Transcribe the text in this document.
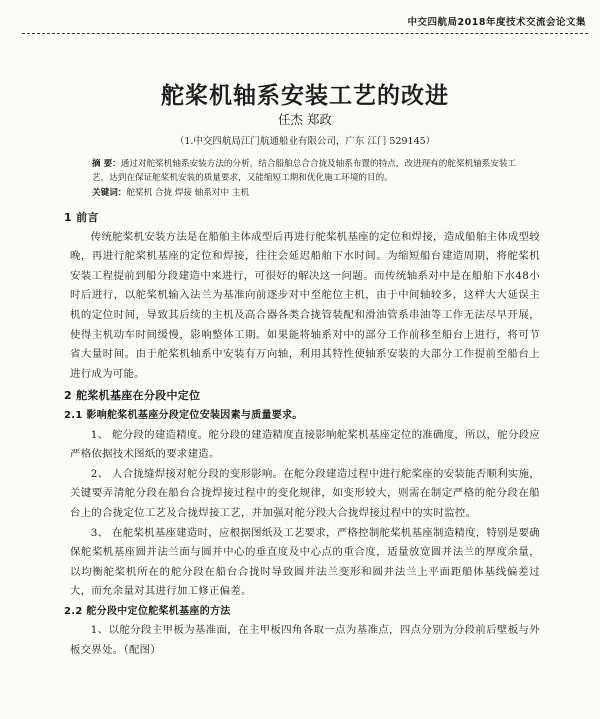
中交四航局2018年度技术交流会论文集
舵桨机轴系安装工艺的改进
任杰 郑政
（1.中交四航局江门航通船业有限公司，广东 江门 529145）
摘 要：通过对舵桨机轴系安装方法的分析，结合船舶总合合拢及轴系布置的特点，改进现有的舵桨机轴系安装工艺，达到在保证舵桨机安装的质量要求，又能缩短工期和优化施工环境的目的。
关键词：舵桨机 合拢 焊接 轴系对中 主机
1 前言

传统舵桨机安装方法是在船舶主体成型后再进行舵桨机基座的定位和焊接，造成船舶主体成型较晚，再进行舵桨机基座的定位和焊接，往往会延迟船舶下水时间。为缩短船台建造周期，将舵桨机安装工程提前到船分段建造中来进行，可很好的解决这一问题。而传统轴系对中是在船舶下水48小时后进行，以舵桨机输入法兰为基准向前逐步对中至舵位主机，由于中间轴较多，这样大大延误主机的定位时间，导致其后续的主机及高合器各类合拢管装配和滑油管系串油等工作无法尽早开展，使得主机动车时间缓慢，影响整体工期。如果能将轴系对中的部分工作前移至船台上进行，将可节省大量时间。由于舵桨机轴系中安装有万向轴，利用其特性使轴系安装的大部分工作提前至船台上进行成为可能。

2 舵桨机基座在分段中定位
2.1 影响舵桨机基座分段定位安装因素与质量要求。

1、 舵分段的建造精度。舵分段的建造精度直接影响舵桨机基座定位的准确度，所以，舵分段应严格依据技术图纸的要求建造。

2、 人合拢缝焊接对舵分段的变形影响。在舵分段建造过程中进行舵桨座的安装能否顺利实施，关键要弄清舵分段在船台合拢焊接过程中的变化规律，如变形较大，则需在制定严格的舵分段在船台上的合拢定位工艺及合拢焊接工艺，并加强对舵分段大合拢焊接过程中的实时监控。

3、 在舵桨机基座建造时，应根据图纸及工艺要求，严格控制舵桨机基座制造精度，特别是要确保舵桨机基座圆并法兰面与圆并中心的垂直度及中心点的重合度，适量放宽圆并法兰的厚度余量，以均衡舵桨机所在的舵分段在船台合拢时导致圆并法兰变形和圆并法兰上平面距船体基线偏差过大，而允余量对其进行加工修正偏差。

2.2 舵分段中定位舵桨机基座的方法

1、以舵分段主甲板为基准面，在主甲板四角各取一点为基准点，四点分别为分段前后壁板与外板交界处。（配图）
